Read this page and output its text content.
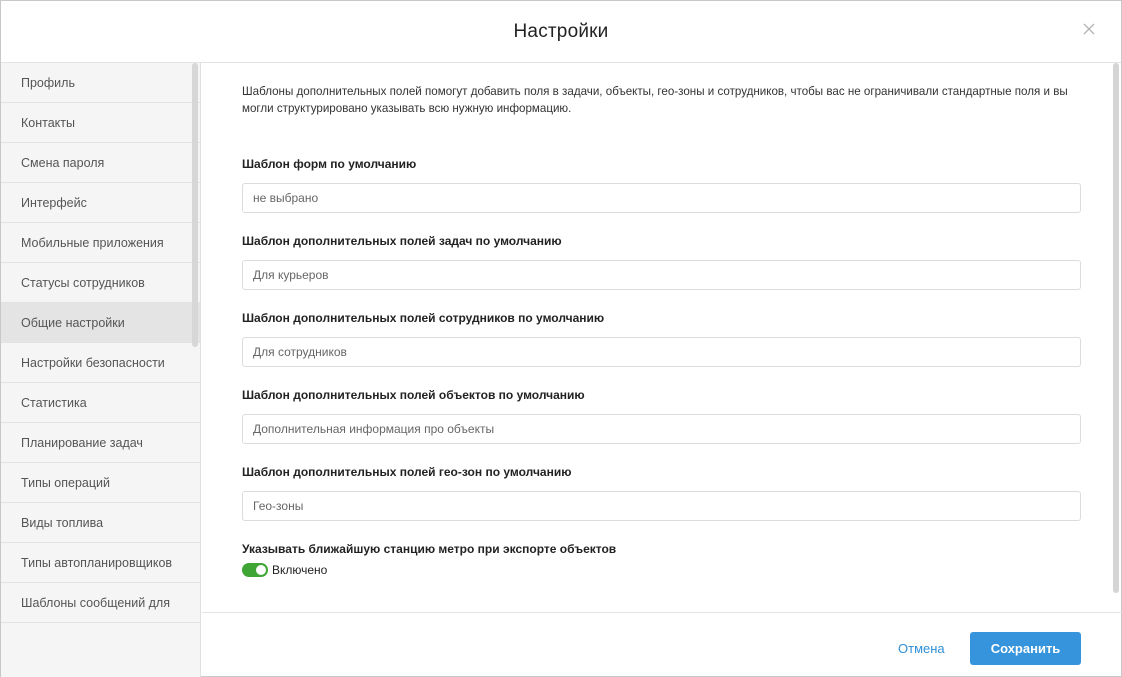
Настройки
Профиль
Контакты
Смена пароля
Интерфейс
Мобильные приложения
Статусы сотрудников
Общие настройки
Настройки безопасности
Статистика
Планирование задач
Типы операций
Виды топлива
Типы автопланировщиков
Шаблоны сообщений для
Шаблоны дополнительных полей помогут добавить поля в задачи, объекты, гео-зоны и сотрудников, чтобы вас не ограничивали стандартные поля и вы могли структурировано указывать всю нужную информацию.
Шаблон форм по умолчанию
не выбрано
Шаблон дополнительных полей задач по умолчанию
Для курьеров
Шаблон дополнительных полей сотрудников по умолчанию
Для сотрудников
Шаблон дополнительных полей объектов по умолчанию
Дополнительная информация про объекты
Шаблон дополнительных полей гео-зон по умолчанию
Гео-зоны
Указывать ближайшую станцию метро при экспорте объектов
Включено
Отмена	Сохранить
